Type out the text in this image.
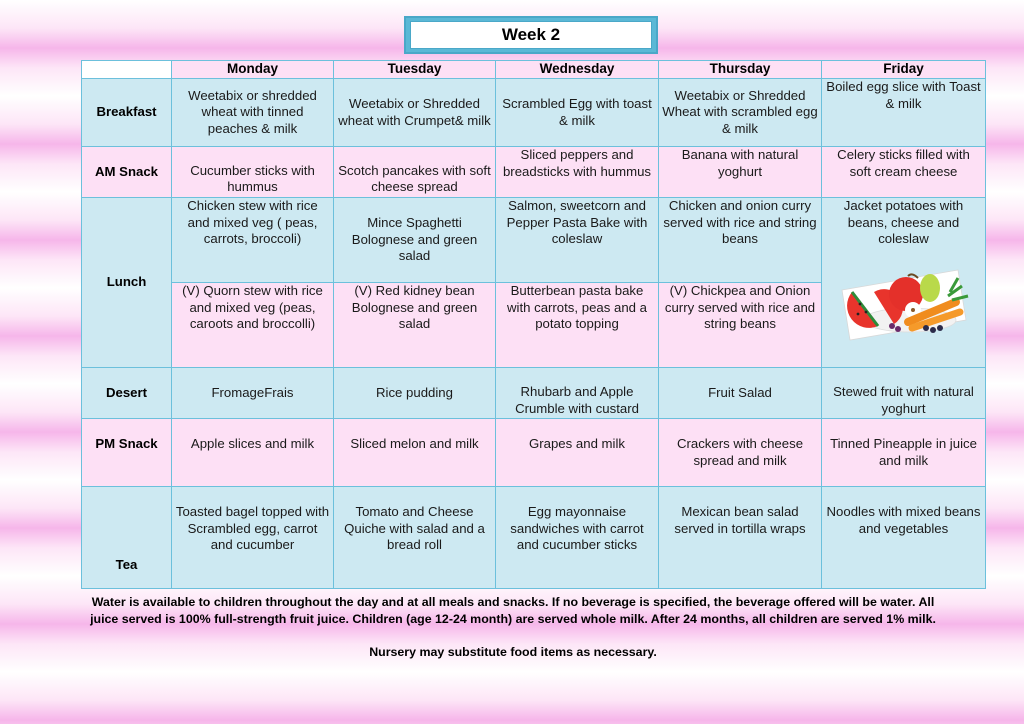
Week 2
	Monday	Tuesday	Wednesday	Thursday	Friday
Breakfast	Weetabix or shredded wheat with tinned peaches & milk	Weetabix or Shredded wheat with Crumpet& milk	Scrambled Egg with toast & milk	Weetabix or Shredded Wheat with scrambled egg & milk	Boiled egg slice with Toast & milk
AM Snack	Cucumber sticks with hummus	Scotch pancakes with soft cheese spread	Sliced peppers and breadsticks with hummus	Banana with natural yoghurt	Celery sticks filled with soft cream cheese
Lunch	Chicken stew with rice and mixed veg ( peas, carrots, broccoli)	Mince Spaghetti Bolognese and green salad	Salmon, sweetcorn and Pepper Pasta Bake with coleslaw	Chicken and onion curry served with rice and string beans	Jacket potatoes with beans, cheese and coleslaw

	(V) Quorn stew with rice and mixed veg (peas, caroots and broccolli)	(V) Red kidney bean Bolognese and green salad	Butterbean pasta bake with carrots, peas and a potato topping	(V) Chickpea and Onion curry served with rice and string beans	
Desert	FromageFrais	Rice pudding	Rhubarb and Apple Crumble with custard	Fruit Salad	Stewed fruit with natural yoghurt
PM Snack	Apple slices and milk	Sliced melon and milk	Grapes and milk	Crackers with cheese spread and milk	Tinned Pineapple in juice and milk
Tea	Toasted bagel topped with Scrambled egg, carrot and cucumber	Tomato and Cheese Quiche with salad and a bread roll	Egg mayonnaise sandwiches with carrot and cucumber sticks	Mexican bean salad served in tortilla wraps	Noodles with mixed beans and vegetables

Water is available to children throughout the day and at all meals and snacks. If no beverage is specified, the beverage offered will be water. All juice served is 100% full-strength fruit juice. Children (age 12-24 month) are served whole milk. After 24 months, all children are served 1% milk.

Nursery may substitute food items as necessary.
